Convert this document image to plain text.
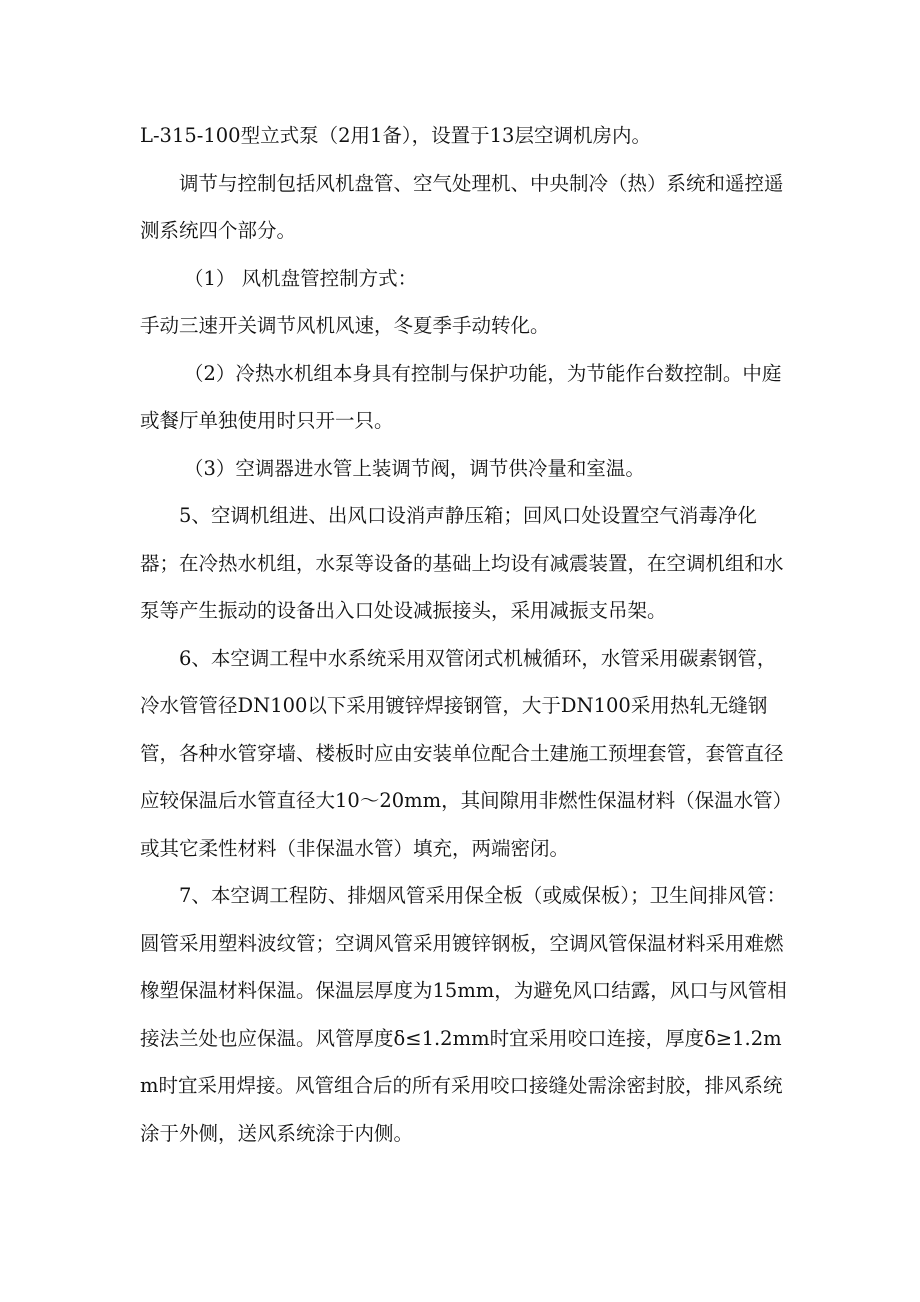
L-315-100型立式泵（2用1备），设置于13层空调机房内。

调节与控制包括风机盘管、空气处理机、中央制冷（热）系统和遥控遥测系统四个部分。

（1） 风机盘管控制方式：

手动三速开关调节风机风速，冬夏季手动转化。

（2）冷热水机组本身具有控制与保护功能，为节能作台数控制。中庭或餐厅单独使用时只开一只。

（3）空调器进水管上装调节阀，调节供冷量和室温。

5、空调机组进、出风口设消声静压箱；回风口处设置空气消毒净化器；在冷热水机组，水泵等设备的基础上均设有减震装置，在空调机组和水泵等产生振动的设备出入口处设减振接头，采用减振支吊架。

6、本空调工程中水系统采用双管闭式机械循环，水管采用碳素钢管，冷水管管径DN100以下采用镀锌焊接钢管，大于DN100采用热轧无缝钢管，各种水管穿墙、楼板时应由安装单位配合土建施工预埋套管，套管直径应较保温后水管直径大10～20mm，其间隙用非燃性保温材料（保温水管）或其它柔性材料（非保温水管）填充，两端密闭。

7、本空调工程防、排烟风管采用保全板（或威保板）；卫生间排风管：圆管采用塑料波纹管；空调风管采用镀锌钢板，空调风管保温材料采用难燃橡塑保温材料保温。保温层厚度为15mm，为避免风口结露，风口与风管相接法兰处也应保温。风管厚度δ≤1.2mm时宜采用咬口连接，厚度δ≥1.2mm时宜采用焊接。风管组合后的所有采用咬口接缝处需涂密封胶，排风系统涂于外侧，送风系统涂于内侧。
